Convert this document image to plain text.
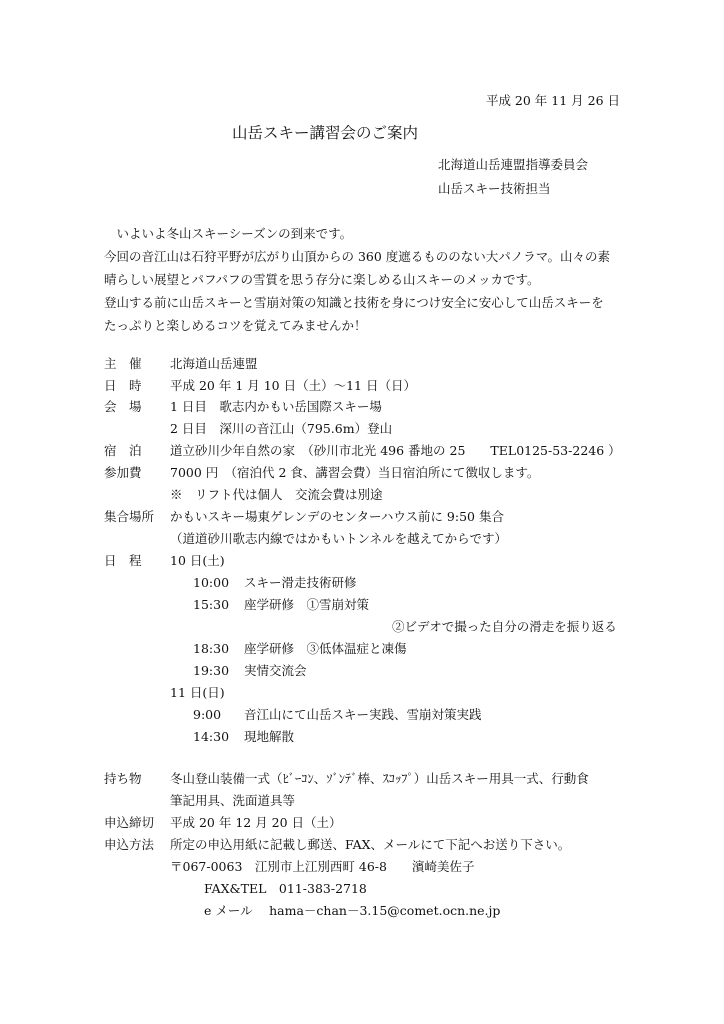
平成 20 年 11 月 26 日
山岳スキー講習会のご案内
北海道山岳連盟指導委員会
山岳スキー技術担当

　いよいよ冬山スキーシーズンの到来です。

今回の音江山は石狩平野が広がり山頂からの 360 度遮るもののない大パノラマ。山々の素

晴らしい展望とパフパフの雪質を思う存分に楽しめる山スキーのメッカです。

登山する前に山岳スキーと雪崩対策の知識と技術を身につけ安全に安心して山岳スキーを

たっぷりと楽しめるコツを覚えてみませんか！

主　催 北海道山岳連盟
日　時 平成 20 年 1 月 10 日（土）～11 日（日）
会　場 1 日目　歌志内かもい岳国際スキー場
2 日目　深川の音江山（795.6m）登山
宿　泊 道立砂川少年自然の家　（砂川市北光 496 番地の 25　　TEL0125-53-2246 ）
参加費 7000 円　（宿泊代 2 食、講習会費）当日宿泊所にて徴収します。
※　リフト代は個人　交流会費は別途
集合場所 かもいスキー場東ゲレンデのセンターハウス前に 9:50 集合
（道道砂川歌志内線ではかもいトンネルを越えてからです）
日　程 10 日(土)
10:00 スキー滑走技術研修
15:30 座学研修　①雪崩対策
②ビデオで撮った自分の滑走を振り返る
18:30 座学研修　③低体温症と凍傷
19:30 実情交流会
11 日(日)
9:00 音江山にて山岳スキー実践、雪崩対策実践
14:30 現地解散
持ち物 冬山登山装備一式（ﾋﾞｰｺﾝ、ｿﾞﾝﾃﾞ棒、ｽｺｯﾌﾟ）山岳スキー用具一式、行動食
筆記用具、洗面道具等
申込締切 平成 20 年 12 月 20 日（土）
申込方法 所定の申込用紙に記載し郵送、FAX、メールにて下記へお送り下さい。
〒067-0063　江別市上江別西町 46-8　　濱崎美佐子
FAX&TEL　011-383-2718
e メール　 hama－chan－3.15@comet.ocn.ne.jp
